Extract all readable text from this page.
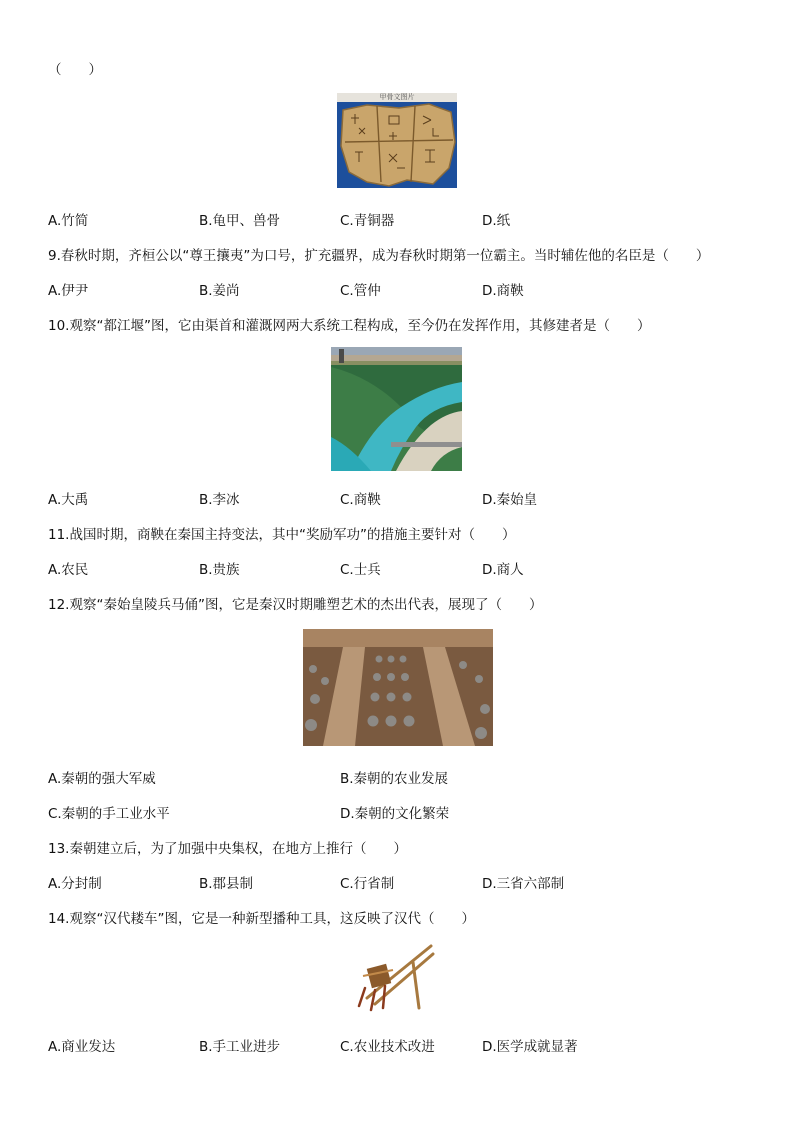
（　　）
甲骨文图片
A.竹简	B.龟甲、兽骨	C.青铜器	D.纸
9.春秋时期，齐桓公以“尊王攘夷”为口号，扩充疆界，成为春秋时期第一位霸主。当时辅佐他的名臣是（　　）
A.伊尹	B.姜尚	C.管仲	D.商鞅
10.观察“都江堰”图，它由渠首和灌溉网两大系统工程构成，至今仍在发挥作用，其修建者是（　　）
A.大禹	B.李冰	C.商鞅	D.秦始皇
11.战国时期，商鞅在秦国主持变法，其中“奖励军功”的措施主要针对（　　）
A.农民	B.贵族	C.士兵	D.商人
12.观察“秦始皇陵兵马俑”图，它是秦汉时期雕塑艺术的杰出代表，展现了（　　）
A.秦朝的强大军威	B.秦朝的农业发展
C.秦朝的手工业水平	D.秦朝的文化繁荣
13.秦朝建立后，为了加强中央集权，在地方上推行（　　）
A.分封制	B.郡县制	C.行省制	D.三省六部制
14.观察“汉代耧车”图，它是一种新型播种工具，这反映了汉代（　　）
A.商业发达	B.手工业进步	C.农业技术改进	D.医学成就显著
